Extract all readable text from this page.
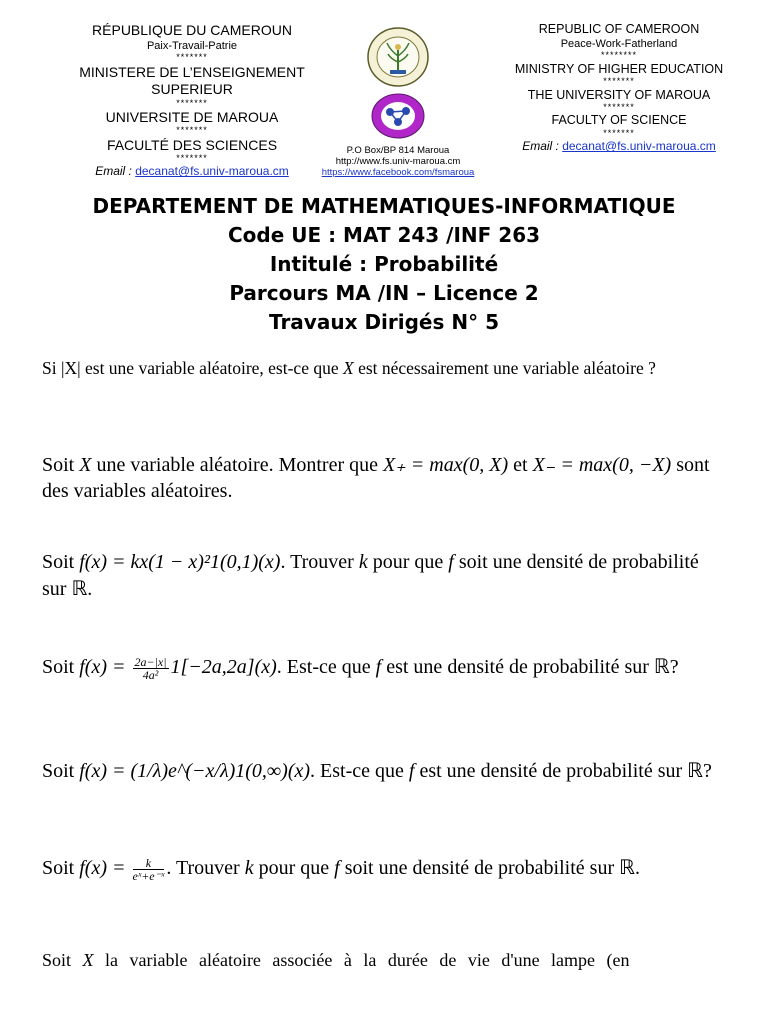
RÉPUBLIQUE DU CAMEROUN
Paix-Travail-Patrie
*******
MINISTERE DE L’ENSEIGNEMENT SUPERIEUR
*******
UNIVERSITE DE MAROUA
*******
FACULTÉ DES SCIENCES
*******
Email : decanat@fs.univ-maroua.cm
P.O Box/BP 814 Maroua
http://www.fs.univ-maroua.cm
https://www.facebook.com/fsmaroua
REPUBLIC OF CAMEROON
Peace-Work-Fatherland
********
MINISTRY OF HIGHER EDUCATION
*******
THE UNIVERSITY OF MAROUA
*******
FACULTY OF SCIENCE
*******
Email : decanat@fs.univ-maroua.cm
DEPARTEMENT DE MATHEMATIQUES-INFORMATIQUE
Code UE : MAT 243 /INF 263
Intitulé : Probabilité
Parcours MA /IN – Licence 2
Travaux Dirigés N° 5
Si |X| est une variable aléatoire, est-ce que X est nécessairement une variable aléatoire ?
Soit X une variable aléatoire. Montrer que X₊ = max(0, X) et X₋ = max(0, −X) sont des variables aléatoires.
Soit f(x) = kx(1 − x)²1(0,1)(x). Trouver k pour que f soit une densité de probabilité sur ℝ.
Soit $f(x) = \frac{2a-|x|}{\text{4a²}} 1[-2a,2a](x)$. Est-ce que f est une densité de probabilité sur ℝ?
Soit f(x) = (1/λ)e^(−x/λ)1(0,∞)(x). Est-ce que f est une densité de probabilité sur ℝ?
Soit $f(x) = \frac{k}{\text{eˣ+e⁻ˣ}}$ . Trouver k pour que f soit une densité de probabilité sur ℝ.
Soit X la variable aléatoire associée à la durée de vie d'une lampe (en
